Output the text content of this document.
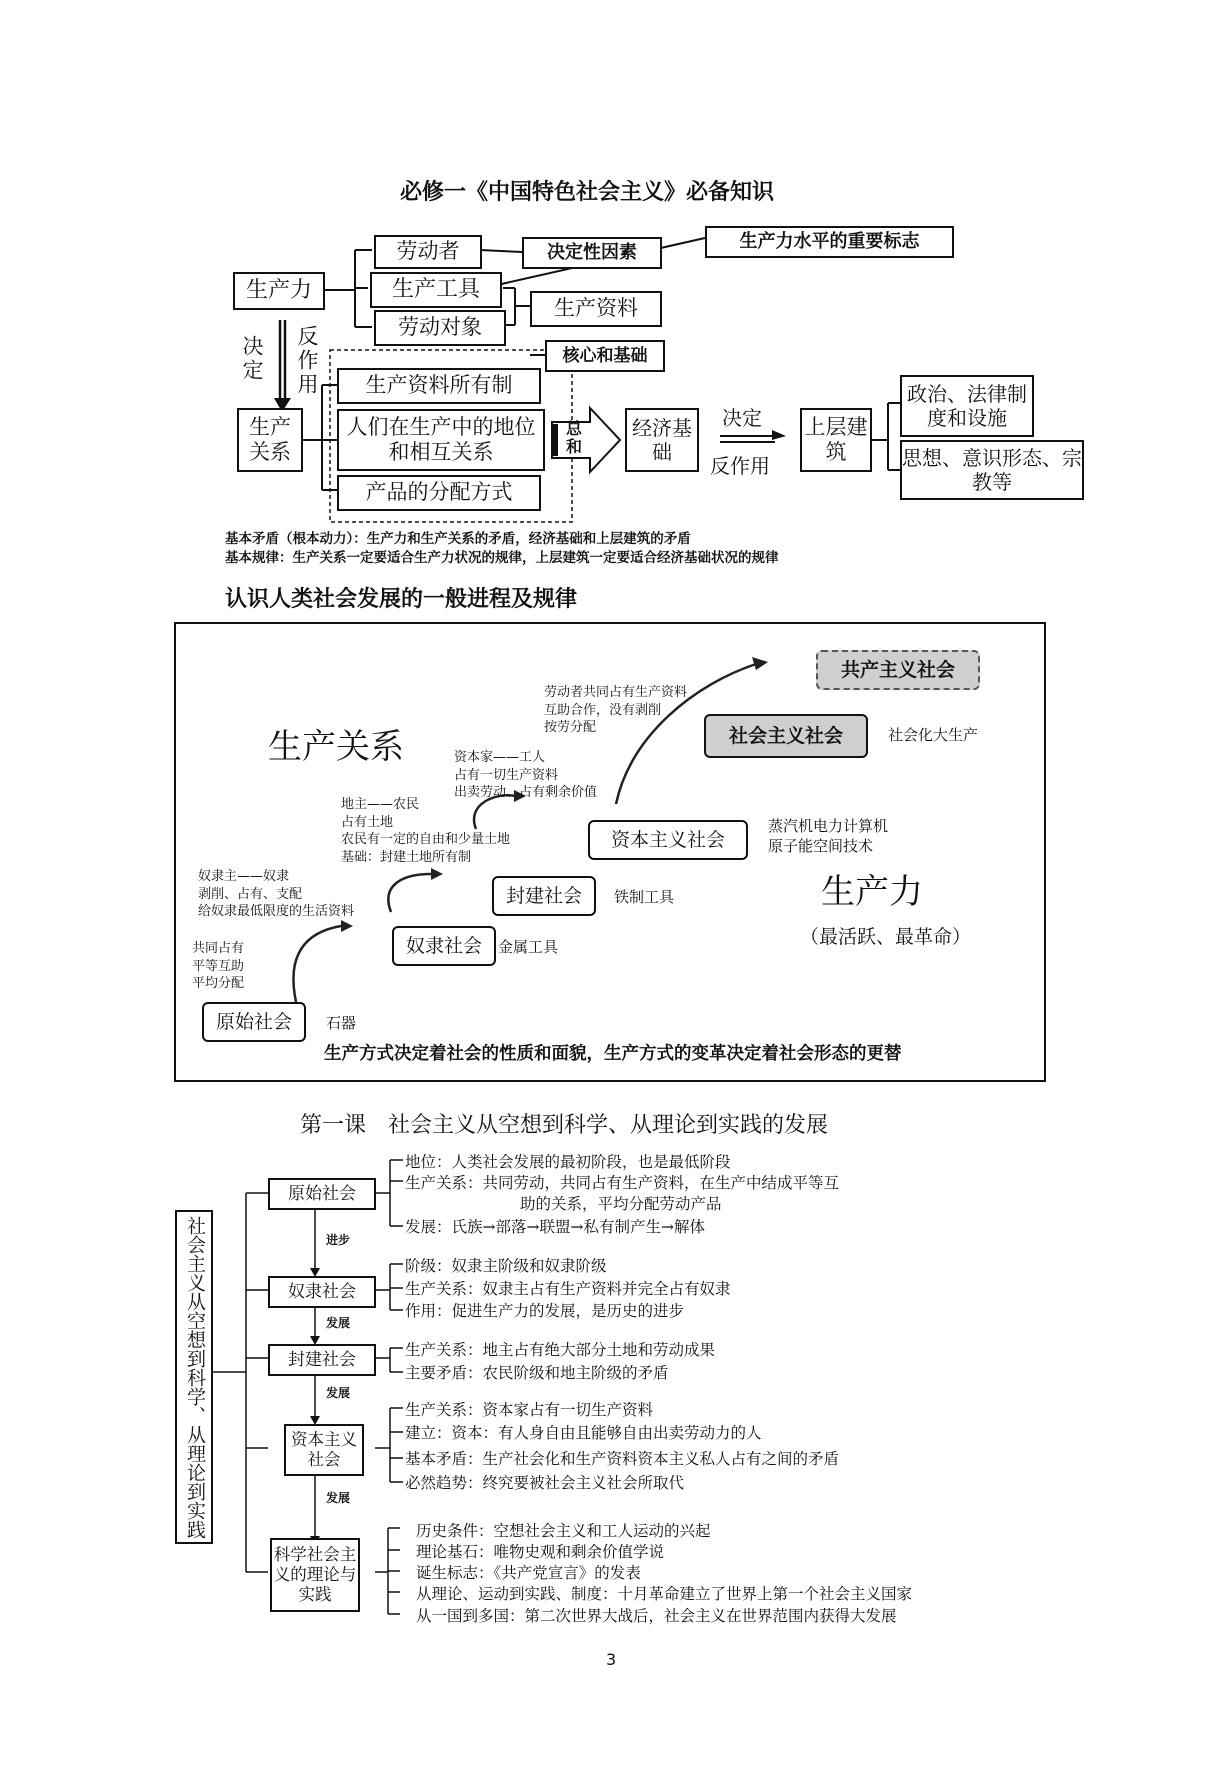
必修一《中国特色社会主义》必备知识
生产力
劳动者
生产工具
劳动对象
决定性因素
生产力水平的重要标志
生产资料
决定 反作用	核心和基础
生产关系
生产资料所有制
人们在生产中的地位和相互关系
产品的分配方式
总和
经济基础
决定
反作用
上层建筑
政治、法律制度和设施
思想、意识形态、宗教等
基本矛盾（根本动力）：生产力和生产关系的矛盾，经济基础和上层建筑的矛盾
基本规律：生产关系一定要适合生产力状况的规律，上层建筑一定要适合经济基础状况的规律
认识人类社会发展的一般进程及规律
生产关系
生产力
（最活跃、最革命）
共产主义社会
社会主义社会	社会化大生产
劳动者共同占有生产资料
互助合作，没有剥削
按劳分配
资本主义社会
蒸汽机电力计算机
原子能空间技术
资本家——工人
占有一切生产资料
出卖劳动、占有剩余价值
封建社会	铁制工具
地主——农民
占有土地
农民有一定的自由和少量土地
基础：封建土地所有制
奴隶社会	金属工具
奴隶主——奴隶
剥削、占有、支配
给奴隶最低限度的生活资料
原始社会	石器
共同占有
平等互助
平均分配
生产方式决定着社会的性质和面貌，生产方式的变革决定着社会形态的更替
第一课　社会主义从空想到科学、从理论到实践的发展
社会主义从空想到科学、从理论到实践	进步
发展
发展
发展
原始社会
地位：人类社会发展的最初阶段，也是最低阶段
生产关系：共同劳动，共同占有生产资料，在生产中结成平等互
助的关系，平均分配劳动产品
发展：氏族→部落→联盟→私有制产生→解体
奴隶社会
阶级：奴隶主阶级和奴隶阶级
生产关系：奴隶主占有生产资料并完全占有奴隶
作用：促进生产力的发展，是历史的进步
封建社会	生产关系：地主占有绝大部分土地和劳动成果
主要矛盾：农民阶级和地主阶级的矛盾
资本主义社会
生产关系：资本家占有一切生产资料
建立：资本：有人身自由且能够自由出卖劳动力的人
基本矛盾：生产社会化和生产资料资本主义私人占有之间的矛盾
必然趋势：终究要被社会主义社会所取代
科学社会主义的理论与实践
历史条件：空想社会主义和工人运动的兴起
理论基石：唯物史观和剩余价值学说
诞生标志：《共产党宣言》的发表
从理论、运动到实践、制度：十月革命建立了世界上第一个社会主义国家
从一国到多国：第二次世界大战后，社会主义在世界范围内获得大发展
3
